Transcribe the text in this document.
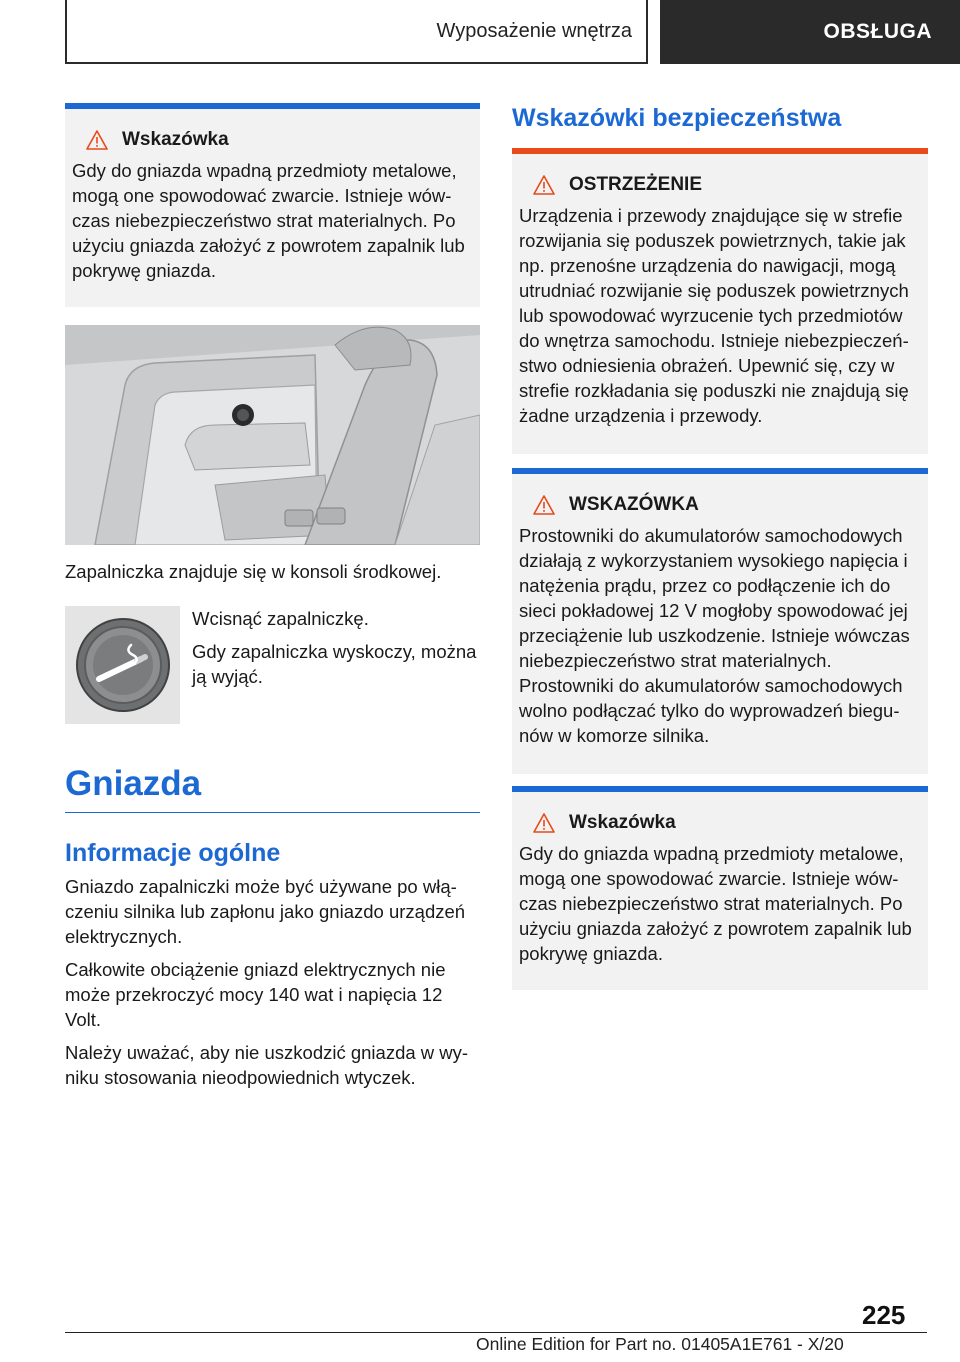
Wyposażenie wnętrza	OBSŁUGA
Wskazówka

Gdy do gniazda wpadną przedmioty metalowe, mogą one spowodować zwarcie. Istnieje wówczas niebezpieczeństwo strat materialnych. Po użyciu gniazda założyć z powrotem zapalnik lub pokrywę gniazda.

Zapalniczka znajduje się w konsoli środkowej.

Wcisnąć zapalniczkę.

Gdy zapalniczka wyskoczy, można ją wyjąć.

Gniazda
Informacje ogólne

Gniazdo zapalniczki może być używane po włączeniu silnika lub zapłonu jako gniazdo urządzeń elektrycznych.

Całkowite obciążenie gniazd elektrycznych nie może przekroczyć mocy 140 wat i napięcia 12 Volt.

Należy uważać, aby nie uszkodzić gniazda w wyniku stosowania nieodpowiednich wtyczek.

Wskazówki bezpieczeństwa
OSTRZEŻENIE

Urządzenia i przewody znajdujące się w strefie rozwijania się poduszek powietrznych, takie jak np. przenośne urządzenia do nawigacji, mogą utrudniać rozwijanie się poduszek powietrznych lub spowodować wyrzucenie tych przedmiotów do wnętrza samochodu. Istnieje niebezpieczeństwo odniesienia obrażeń. Upewnić się, czy w strefie rozkładania się poduszki nie znajdują się żadne urządzenia i przewody.

WSKAZÓWKA

Prostowniki do akumulatorów samochodowych działają z wykorzystaniem wysokiego napięcia i natężenia prądu, przez co podłączenie ich do sieci pokładowej 12 V mogłoby spowodować jej przeciążenie lub uszkodzenie. Istnieje wówczas niebezpieczeństwo strat materialnych. Prostowniki do akumulatorów samochodowych wolno podłączać tylko do wyprowadzeń biegunów w komorze silnika.

Wskazówka

Gdy do gniazda wpadną przedmioty metalowe, mogą one spowodować zwarcie. Istnieje wówczas niebezpieczeństwo strat materialnych. Po użyciu gniazda założyć z powrotem zapalnik lub pokrywę gniazda.

225
Online Edition for Part no. 01405A1E761 - X/20
